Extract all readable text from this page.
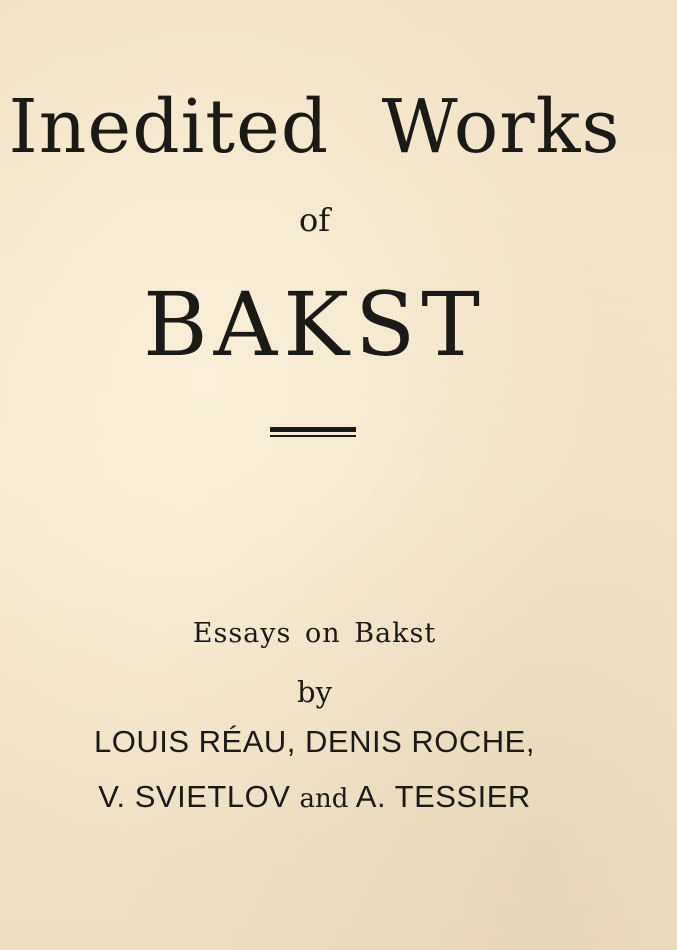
Inedited Works
of
BAKST
Essays on Bakst
by
LOUIS RÉAU, DENIS ROCHE,
V. SVIETLOV and A. TESSIER
